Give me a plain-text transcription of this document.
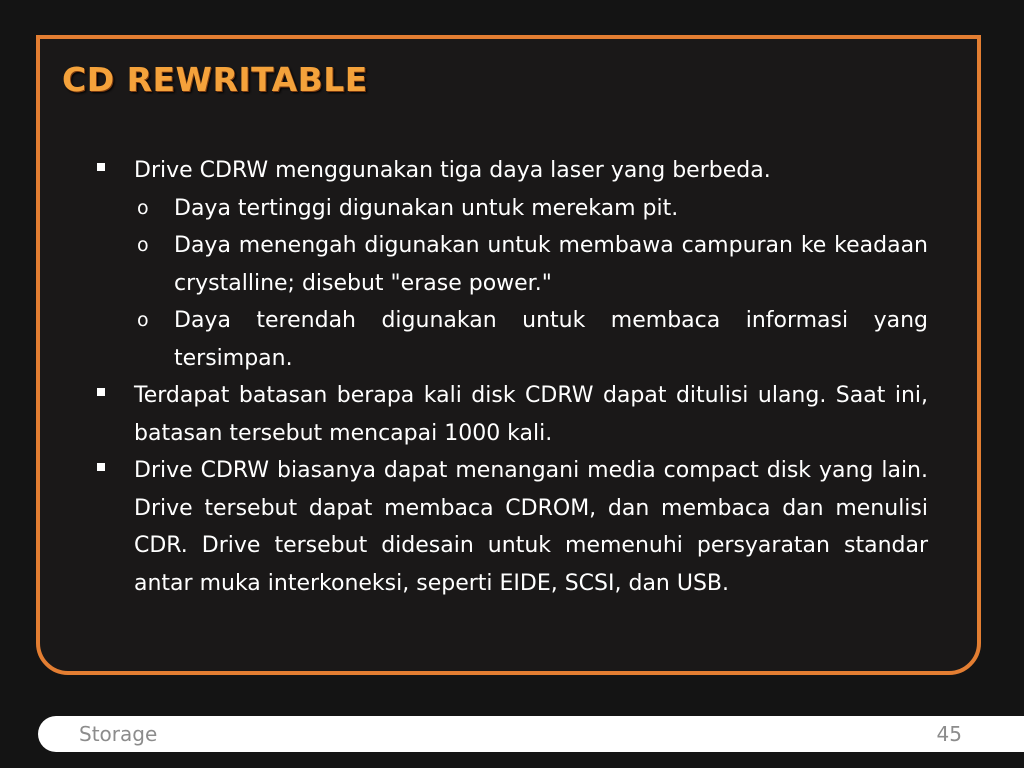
CD REWRITABLE

Drive CDRW menggunakan tiga daya laser yang berbeda.

o Daya tertinggi digunakan untuk merekam pit.

o Daya menengah digunakan untuk membawa campuran ke keadaan crystalline; disebut "erase power."

o Daya terendah digunakan untuk membaca informasi yang tersimpan.

Terdapat batasan berapa kali disk CDRW dapat ditulisi ulang. Saat ini, batasan tersebut mencapai 1000 kali.

Drive CDRW biasanya dapat menangani media compact disk yang lain. Drive tersebut dapat membaca CDROM, dan membaca dan menulisi CDR. Drive tersebut didesain untuk memenuhi persyaratan standar antar muka interkoneksi, seperti EIDE, SCSI, dan USB.

Storage	45
